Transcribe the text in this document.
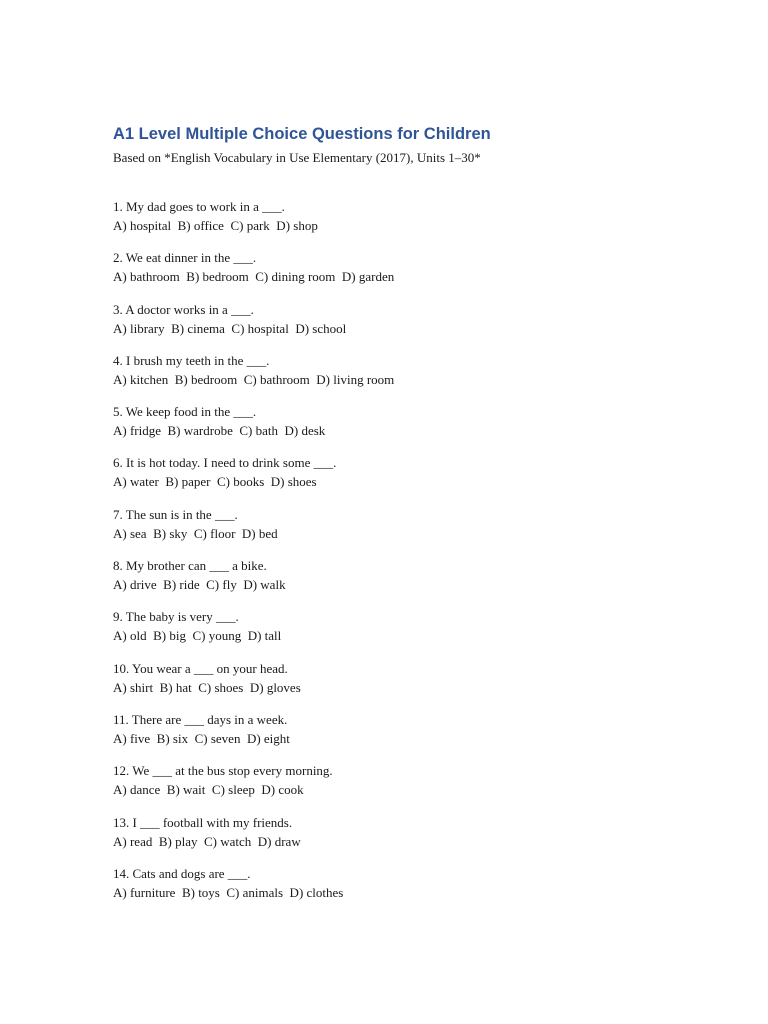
A1 Level Multiple Choice Questions for Children

Based on *English Vocabulary in Use Elementary (2017), Units 1–30*

1. My dad goes to work in a ___.
A) hospital  B) office  C) park  D) shop
2. We eat dinner in the ___.
A) bathroom  B) bedroom  C) dining room  D) garden
3. A doctor works in a ___.
A) library  B) cinema  C) hospital  D) school
4. I brush my teeth in the ___.
A) kitchen  B) bedroom  C) bathroom  D) living room
5. We keep food in the ___.
A) fridge  B) wardrobe  C) bath  D) desk
6. It is hot today. I need to drink some ___.
A) water  B) paper  C) books  D) shoes
7. The sun is in the ___.
A) sea  B) sky  C) floor  D) bed
8. My brother can ___ a bike.
A) drive  B) ride  C) fly  D) walk
9. The baby is very ___.
A) old  B) big  C) young  D) tall
10. You wear a ___ on your head.
A) shirt  B) hat  C) shoes  D) gloves
11. There are ___ days in a week.
A) five  B) six  C) seven  D) eight
12. We ___ at the bus stop every morning.
A) dance  B) wait  C) sleep  D) cook
13. I ___ football with my friends.
A) read  B) play  C) watch  D) draw
14. Cats and dogs are ___.
A) furniture  B) toys  C) animals  D) clothes
